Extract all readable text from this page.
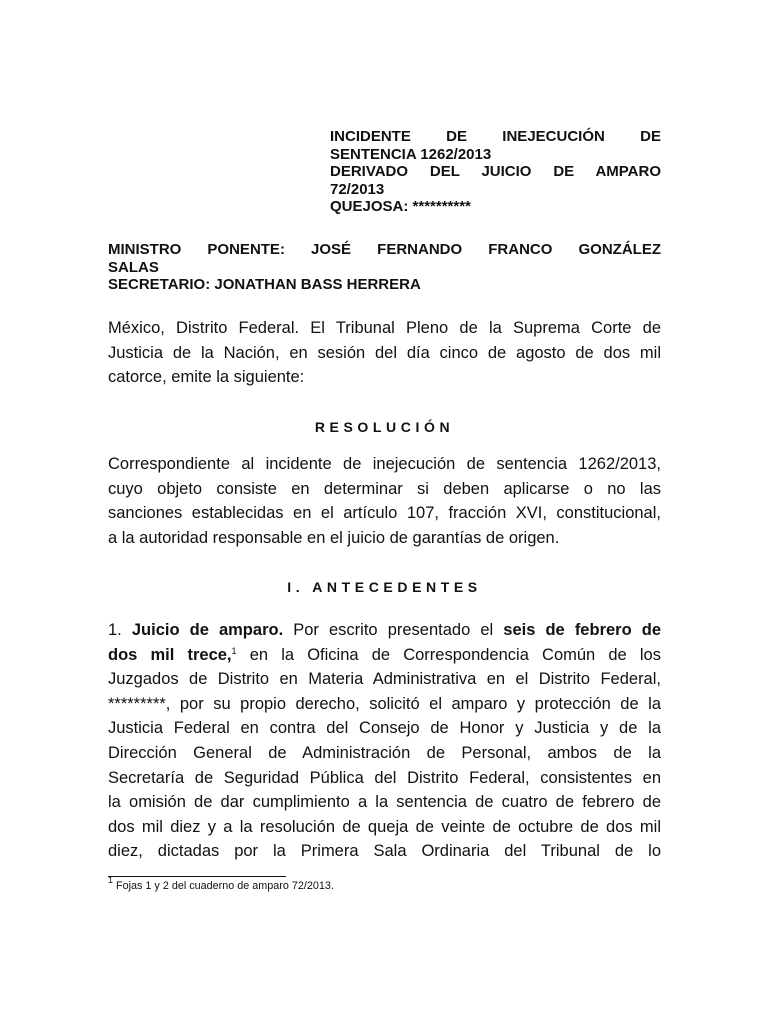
INCIDENTE DE INEJECUCIÓN DE
SENTENCIA 1262/2013
DERIVADO DEL JUICIO DE AMPARO
72/2013
QUEJOSA: **********
MINISTRO PONENTE: JOSÉ FERNANDO FRANCO GONZÁLEZ
SALAS
SECRETARIO: JONATHAN BASS HERRERA
México, Distrito Federal. El Tribunal Pleno de la Suprema Corte de
Justicia de la Nación, en sesión del día cinco de agosto de dos mil
catorce, emite la siguiente:
RESOLUCIÓN
Correspondiente al incidente de inejecución de sentencia 1262/2013,
cuyo objeto consiste en determinar si deben aplicarse o no las
sanciones establecidas en el artículo 107, fracción XVI, constitucional,
a la autoridad responsable en el juicio de garantías de origen.
I. ANTECEDENTES
1. Juicio de amparo. Por escrito presentado el seis de febrero de
dos mil trece,$^1$ en la Oficina de Correspondencia Común de los
Juzgados de Distrito en Materia Administrativa en el Distrito Federal,
*********, por su propio derecho, solicitó el amparo y protección de la
Justicia Federal en contra del Consejo de Honor y Justicia y de la
Dirección General de Administración de Personal, ambos de la
Secretaría de Seguridad Pública del Distrito Federal, consistentes en
la omisión de dar cumplimiento a la sentencia de cuatro de febrero de
dos mil diez y a la resolución de queja de veinte de octubre de dos mil
diez, dictadas por la Primera Sala Ordinaria del Tribunal de lo
$^1$ Fojas 1 y 2 del cuaderno de amparo 72/2013.
